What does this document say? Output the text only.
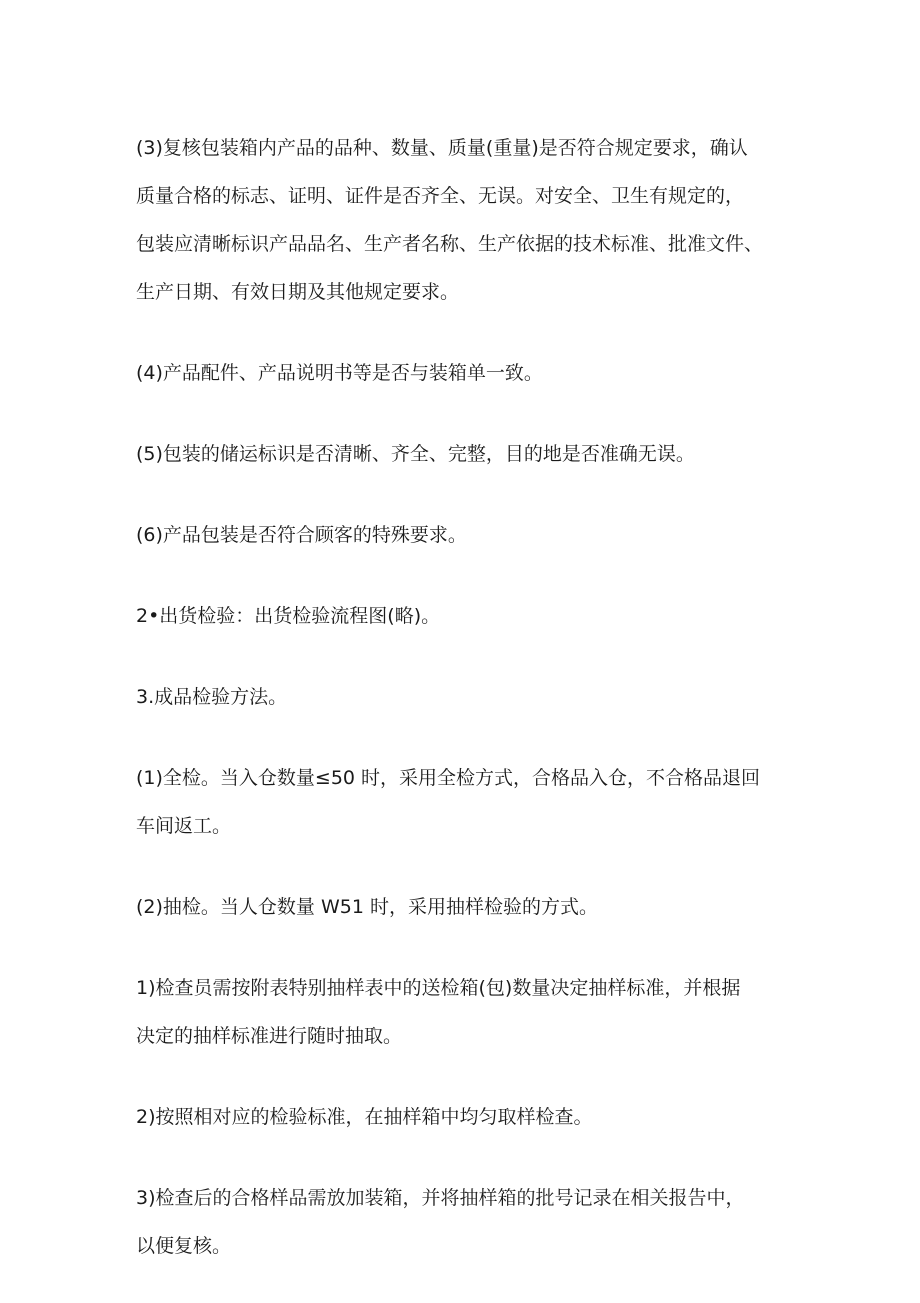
(3)复核包装箱内产品的品种、数量、质量(重量)是否符合规定要求，确认
质量合格的标志、证明、证件是否齐全、无误。对安全、卫生有规定的，
包装应清晰标识产品品名、生产者名称、生产依据的技术标准、批准文件、
生产日期、有效日期及其他规定要求。

(4)产品配件、产品说明书等是否与装箱单一致。

(5)包装的储运标识是否清晰、齐全、完整，目的地是否准确无误。

(6)产品包装是否符合顾客的特殊要求。

2•出货检验：出货检验流程图(略)。

3.成品检验方法。

(1)全检。当入仓数量≤50 时，采用全检方式，合格品入仓，不合格品退回
车间返工。

(2)抽检。当人仓数量 W51 时，采用抽样检验的方式。

1)检查员需按附表特别抽样表中的送检箱(包)数量决定抽样标准，并根据
决定的抽样标准进行随时抽取。

2)按照相对应的检验标准，在抽样箱中均匀取样检查。

3)检查后的合格样品需放加装箱，并将抽样箱的批号记录在相关报告中，
以便复核。
